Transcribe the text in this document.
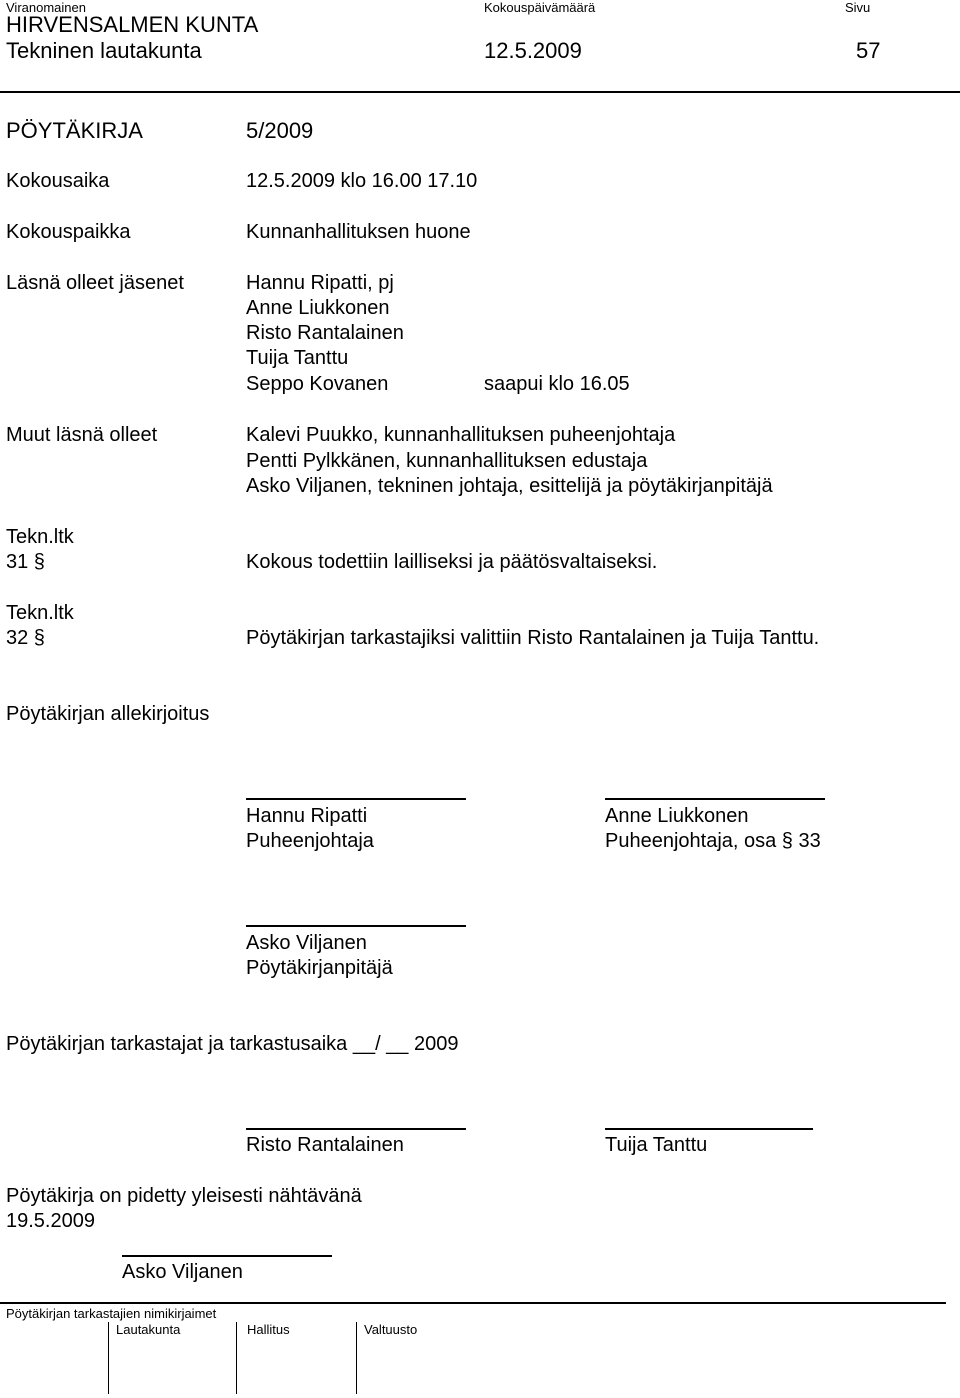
Viranomainen	Kokouspäivämäärä	Sivu
HIRVENSALMEN KUNTA
Tekninen lautakunta	12.5.2009	57
PÖYTÄKIRJA	5/2009
Kokousaika	12.5.2009 klo 16.00 17.10
Kokouspaikka	Kunnanhallituksen huone
Läsnä olleet jäsenet	Hannu Ripatti, pj
Anne Liukkonen
Risto Rantalainen
Tuija Tanttu
Seppo Kovanen	saapui klo 16.05
Muut läsnä olleet	Kalevi Puukko, kunnanhallituksen puheenjohtaja
Pentti Pylkkänen, kunnanhallituksen edustaja
Asko Viljanen, tekninen johtaja, esittelijä ja pöytäkirjanpitäjä
Tekn.ltk
31 §	Kokous todettiin lailliseksi ja päätösvaltaiseksi.
Tekn.ltk
32 §	Pöytäkirjan tarkastajiksi valittiin Risto Rantalainen ja Tuija Tanttu.
Pöytäkirjan allekirjoitus
Hannu Ripatti
Puheenjohtaja
Anne Liukkonen
Puheenjohtaja, osa § 33
Asko Viljanen
Pöytäkirjanpitäjä
Pöytäkirjan tarkastajat ja tarkastusaika __/ __ 2009
Risto Rantalainen	Tuija Tanttu
Pöytäkirja on pidetty yleisesti nähtävänä
19.5.2009
Asko Viljanen
Pöytäkirjan tarkastajien nimikirjaimet
Lautakunta	Hallitus	Valtuusto
